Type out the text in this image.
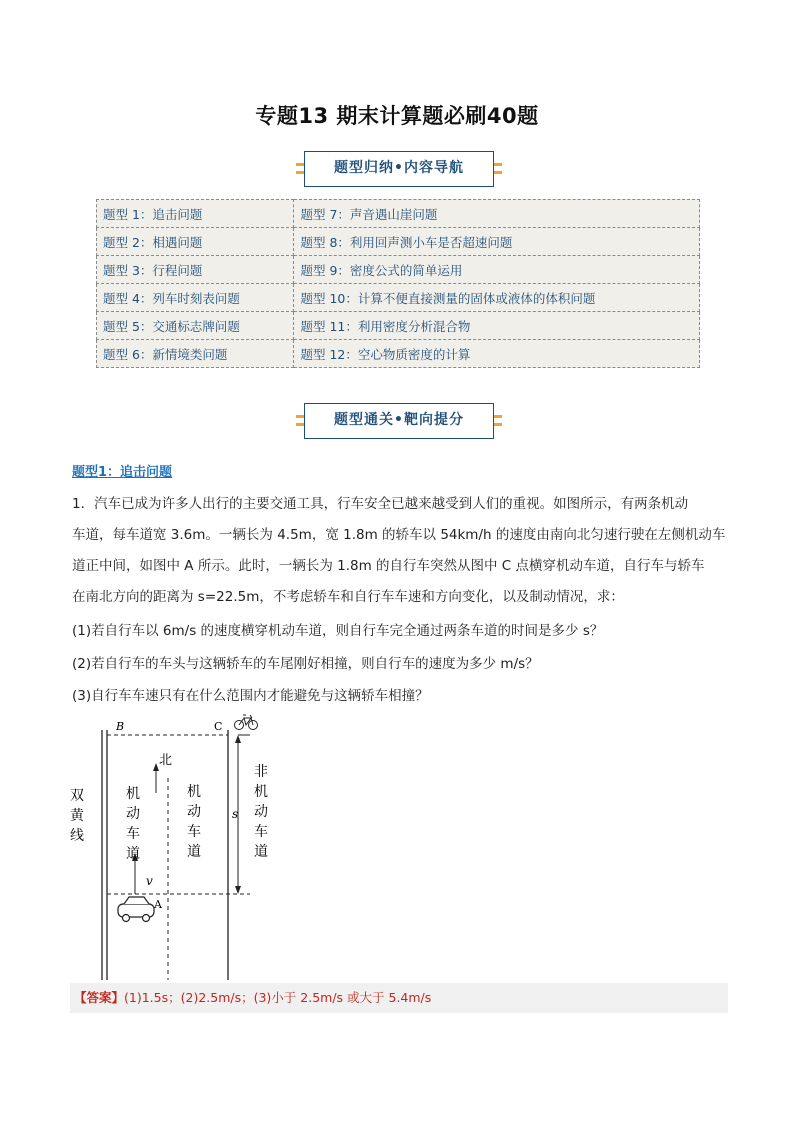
专题13 期末计算题必刷40题
题型归纳•内容导航
题型 1：追击问题	题型 7：声音遇山崖问题
题型 2：相遇问题	题型 8：利用回声测小车是否超速问题
题型 3：行程问题	题型 9：密度公式的简单运用
题型 4：列车时刻表问题	题型 10：计算不便直接测量的固体或液体的体积问题
题型 5：交通标志牌问题	题型 11：利用密度分析混合物
题型 6：新情境类问题	题型 12：空心物质密度的计算
题型通关•靶向提分
题型1：追击问题
1．汽车已成为许多人出行的主要交通工具，行车安全已越来越受到人们的重视。如图所示，有两条机动
车道，每车道宽 3.6m。一辆长为 4.5m，宽 1.8m 的轿车以 54km/h 的速度由南向北匀速行驶在左侧机动车
道正中间，如图中 A 所示。此时，一辆长为 1.8m 的自行车突然从图中 C 点横穿机动车道，自行车与轿车
在南北方向的距离为 s=22.5m，不考虑轿车和自行车车速和方向变化，以及制动情况，求：
(1)若自行车以 6m/s 的速度横穿机动车道，则自行车完全通过两条车道的时间是多少 s？
(2)若自行车的车头与这辆轿车的车尾刚好相撞，则自行车的速度为多少 m/s？
(3)自行车车速只有在什么范围内才能避免与这辆轿车相撞？
B	C
A
北
s
v
双
黄
线
机
动
车
道
机
动
车
道
非
机
动
车
道
【答案】(1)1.5s；(2)2.5m/s；(3)小于 2.5m/s 或大于 5.4m/s
